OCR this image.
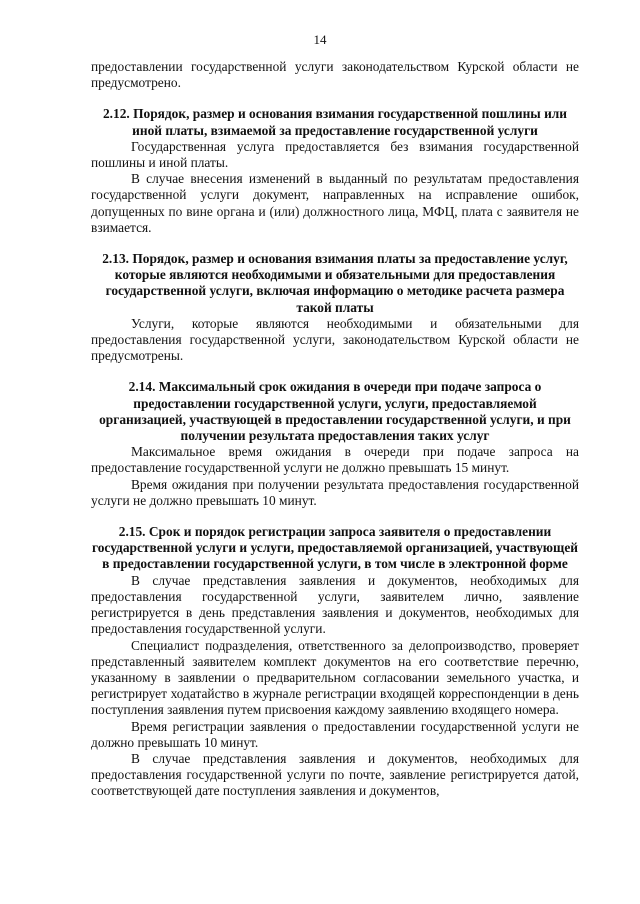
14

предоставлении государственной услуги законодательством Курской области не предусмотрено.

2.12. Порядок, размер и основания взимания государственной пошлины или иной платы, взимаемой за предоставление государственной услуги

Государственная услуга предоставляется без взимания государственной пошлины и иной платы.

В случае внесения изменений в выданный по результатам предоставления государственной услуги документ, направленных на исправление ошибок, допущенных по вине органа и (или) должностного лица, МФЦ, плата с заявителя не взимается.

2.13. Порядок, размер и основания взимания платы за предоставление услуг, которые являются необходимыми и обязательными для предоставления государственной услуги, включая информацию о методике расчета размера такой платы

Услуги, которые являются необходимыми и обязательными для предоставления государственной услуги, законодательством Курской области не предусмотрены.

2.14. Максимальный срок ожидания в очереди при подаче запроса о предоставлении государственной услуги, услуги, предоставляемой организацией, участвующей в предоставлении государственной услуги, и при получении результата предоставления таких услуг

Максимальное время ожидания в очереди при подаче запроса на предоставление государственной услуги не должно превышать 15 минут.

Время ожидания при получении результата предоставления государственной услуги не должно превышать 10 минут.

2.15. Срок и порядок регистрации запроса заявителя о предоставлении государственной услуги и услуги, предоставляемой организацией, участвующей в предоставлении государственной услуги, в том числе в электронной форме

В случае представления заявления и документов, необходимых для предоставления государственной услуги, заявителем лично, заявление регистрируется в день представления заявления и документов, необходимых для предоставления государственной услуги.

Специалист подразделения, ответственного за делопроизводство, проверяет представленный заявителем комплект документов на его соответствие перечню, указанному в заявлении о предварительном согласовании земельного участка, и регистрирует ходатайство в журнале регистрации входящей корреспонденции в день поступления заявления путем присвоения каждому заявлению входящего номера.

Время регистрации заявления о предоставлении государственной услуги не должно превышать 10 минут.

В случае представления заявления и документов, необходимых для предоставления государственной услуги по почте, заявление регистрируется датой, соответствующей дате поступления заявления и документов,
